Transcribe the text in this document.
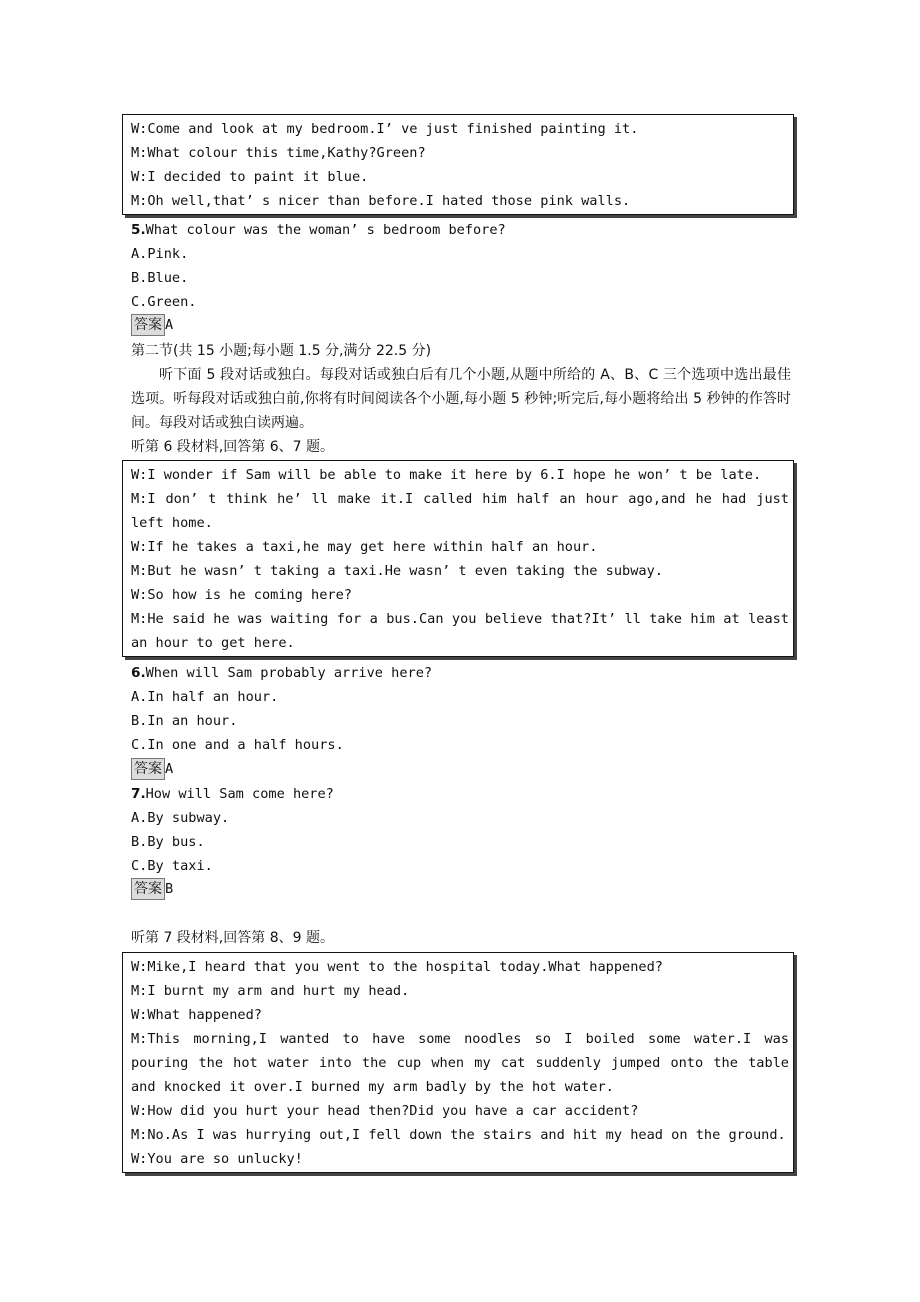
W:Come and look at my bedroom.I’ ve just finished painting it.
M:What colour this time,Kathy?Green?
W:I decided to paint it blue.
M:Oh well,that’ s nicer than before.I hated those pink walls.
5.What colour was the woman’ s bedroom before?
A.Pink.
B.Blue.
C.Green.
答案 A
第二节(共 15 小题;每小题 1.5 分,满分 22.5 分)
听下面 5 段对话或独白。每段对话或独白后有几个小题,从题中所给的 A、B、C 三个选项中选出最佳选项。听每段对话或独白前,你将有时间阅读各个小题,每小题 5 秒钟;听完后,每小题将给出 5 秒钟的作答时间。每段对话或独白读两遍。
听第 6 段材料,回答第 6、7 题。
W:I wonder if Sam will be able to make it here by 6.I hope he won’ t be late.
M:I don’ t think he’ ll make it.I called him half an hour ago,and he had just left home.
W:If he takes a taxi,he may get here within half an hour.
M:But he wasn’ t taking a taxi.He wasn’ t even taking the subway.
W:So how is he coming here?
M:He said he was waiting for a bus.Can you believe that?It’ ll take him at least an hour to get here.
6.When will Sam probably arrive here?
A.In half an hour.
B.In an hour.
C.In one and a half hours.
答案 A
7.How will Sam come here?
A.By subway.
B.By bus.
C.By taxi.
答案 B
听第 7 段材料,回答第 8、9 题。
W:Mike,I heard that you went to the hospital today.What happened?
M:I burnt my arm and hurt my head.
W:What happened?
M:This morning,I wanted to have some noodles so I boiled some water.I was pouring the hot water into the cup when my cat suddenly jumped onto the table and knocked it over.I burned my arm badly by the hot water.
W:How did you hurt your head then?Did you have a car accident?
M:No.As I was hurrying out,I fell down the stairs and hit my head on the ground.
W:You are so unlucky!
